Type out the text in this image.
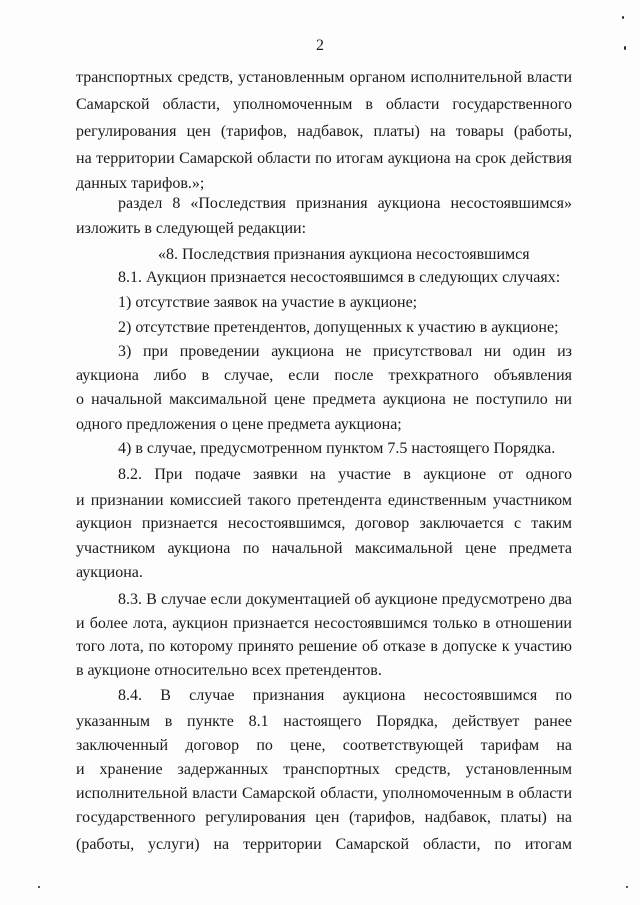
2
транспортных средств, установленным органом исполнительной власти
Самарской области, уполномоченным в области государственного
регулирования цен (тарифов, надбавок, платы) на товары (работы,
на территории Самарской области по итогам аукциона на срок действия
данных тарифов.»;
раздел 8 «Последствия признания аукциона несостоявшимся»
изложить в следующей редакции:
«8. Последствия признания аукциона несостоявшимся
8.1. Аукцион признается несостоявшимся в следующих случаях:
1) отсутствие заявок на участие в аукционе;
2) отсутствие претендентов, допущенных к участию в аукционе;
3) при проведении аукциона не присутствовал ни один из
аукциона либо в случае, если после трехкратного объявления
о начальной максимальной цене предмета аукциона не поступило ни
одного предложения о цене предмета аукциона;
4) в случае, предусмотренном пунктом 7.5 настоящего Порядка.
8.2. При подаче заявки на участие в аукционе от одного
и признании комиссией такого претендента единственным участником
аукцион признается несостоявшимся, договор заключается с таким
участником аукциона по начальной максимальной цене предмета
аукциона.
8.3. В случае если документацией об аукционе предусмотрено два
и более лота, аукцион признается несостоявшимся только в отношении
того лота, по которому принято решение об отказе в допуске к участию
в аукционе относительно всех претендентов.
8.4. В случае признания аукциона несостоявшимся по
указанным в пункте 8.1 настоящего Порядка, действует ранее
заключенный договор по цене, соответствующей тарифам на
и хранение задержанных транспортных средств, установленным
исполнительной власти Самарской области, уполномоченным в области
государственного регулирования цен (тарифов, надбавок, платы) на
(работы, услуги) на территории Самарской области, по итогам
